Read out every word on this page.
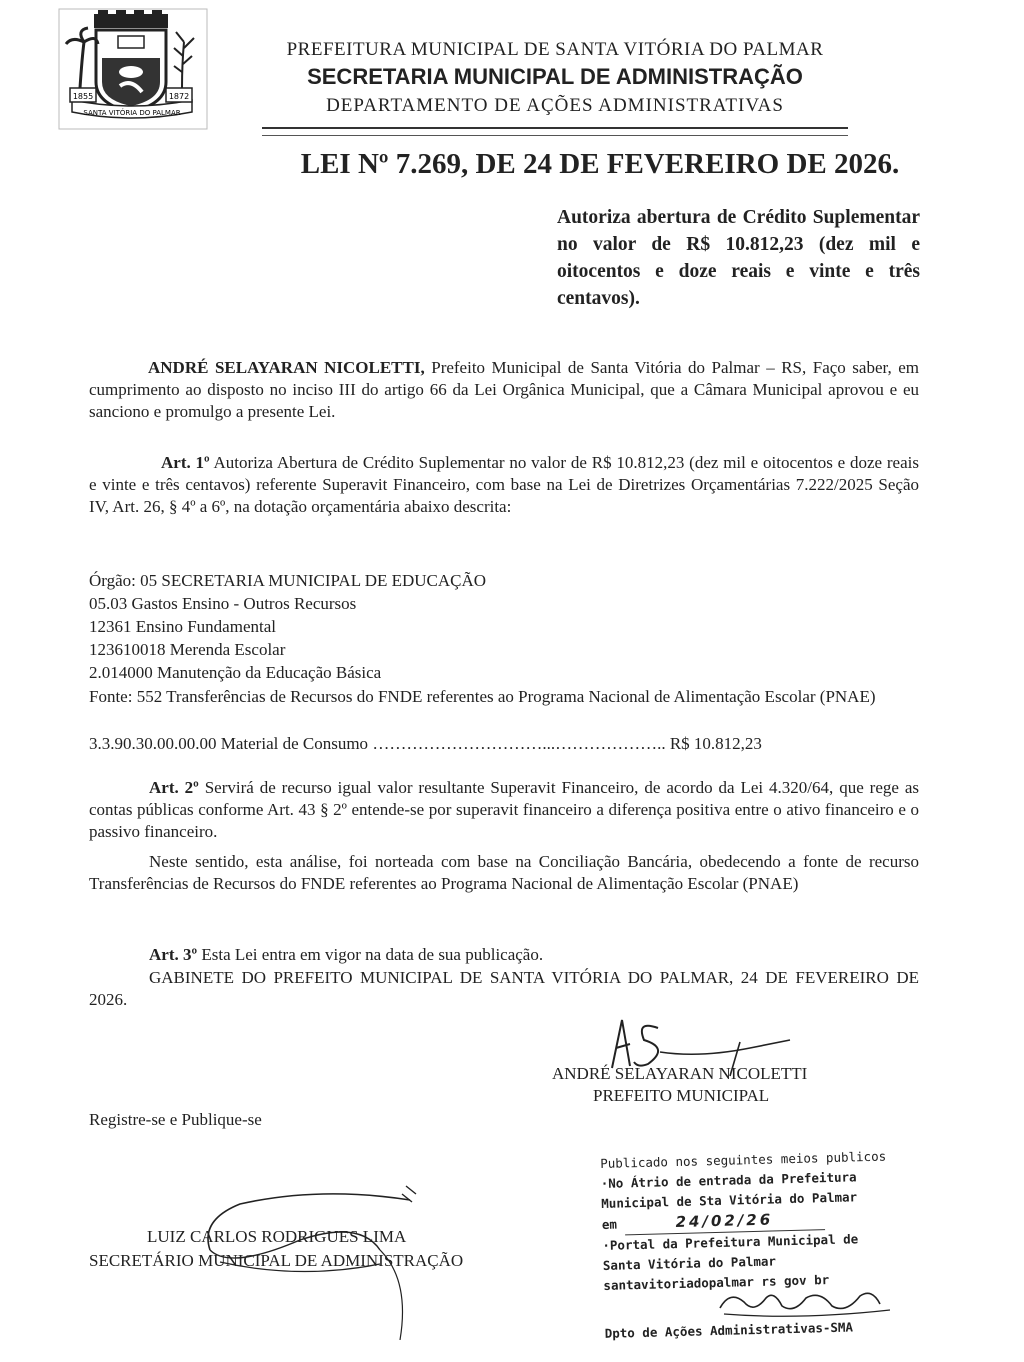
1855	1872
SANTA VITÓRIA DO PALMAR
PREFEITURA MUNICIPAL DE SANTA VITÓRIA DO PALMAR
SECRETARIA MUNICIPAL DE ADMINISTRAÇÃO
DEPARTAMENTO DE AÇÕES ADMINISTRATIVAS
LEI Nº 7.269, DE 24 DE FEVEREIRO DE 2026.
Autoriza abertura de Crédito Suplementar no valor de R$ 10.812,23 (dez mil e oitocentos e doze reais e vinte e três centavos).
ANDRÉ SELAYARAN NICOLETTI, Prefeito Municipal de Santa Vitória do Palmar – RS, Faço saber, em cumprimento ao disposto no inciso III do artigo 66 da Lei Orgânica Municipal, que a Câmara Municipal aprovou e eu sanciono e promulgo a presente Lei.
Art. 1º Autoriza Abertura de Crédito Suplementar no valor de R$ 10.812,23 (dez mil e oitocentos e doze reais e vinte e três centavos) referente Superavit Financeiro, com base na Lei de Diretrizes Orçamentárias 7.222/2025 Seção IV, Art. 26, § 4º a 6º, na dotação orçamentária abaixo descrita:
Órgão: 05 SECRETARIA MUNICIPAL DE EDUCAÇÃO
05.03 Gastos Ensino - Outros Recursos
12361 Ensino Fundamental
123610018 Merenda Escolar
2.014000 Manutenção da Educação Básica
Fonte: 552 Transferências de Recursos do FNDE referentes ao Programa Nacional de Alimentação Escolar (PNAE)
3.3.90.30.00.00.00 Material de Consumo …………………………...……………….. R$ 10.812,23
Art. 2º Servirá de recurso igual valor resultante Superavit Financeiro, de acordo da Lei 4.320/64, que rege as contas públicas conforme Art. 43 § 2º entende-se por superavit financeiro a diferença positiva entre o ativo financeiro e o passivo financeiro.
Neste sentido, esta análise, foi norteada com base na Conciliação Bancária, obedecendo a fonte de recurso Transferências de Recursos do FNDE referentes ao Programa Nacional de Alimentação Escolar (PNAE)
Art. 3º Esta Lei entra em vigor na data de sua publicação.
GABINETE DO PREFEITO MUNICIPAL DE SANTA VITÓRIA DO PALMAR, 24 DE FEVEREIRO DE 2026.
ANDRÉ SELAYARAN NICOLETTI
PREFEITO MUNICIPAL
Registre-se e Publique-se
LUIZ CARLOS RODRIGUES LIMA
SECRETÁRIO MUNICIPAL DE ADMINISTRAÇÃO
Publicado nos seguintes meios publicos
·No Átrio de entrada da Prefeitura
Municipal de Sta Vitória do Palmar
em	24/02/26
·Portal da Prefeitura Municipal de
Santa Vitória do Palmar
santavitoriadopalmar rs gov br
Dpto de Ações Administrativas-SMA
